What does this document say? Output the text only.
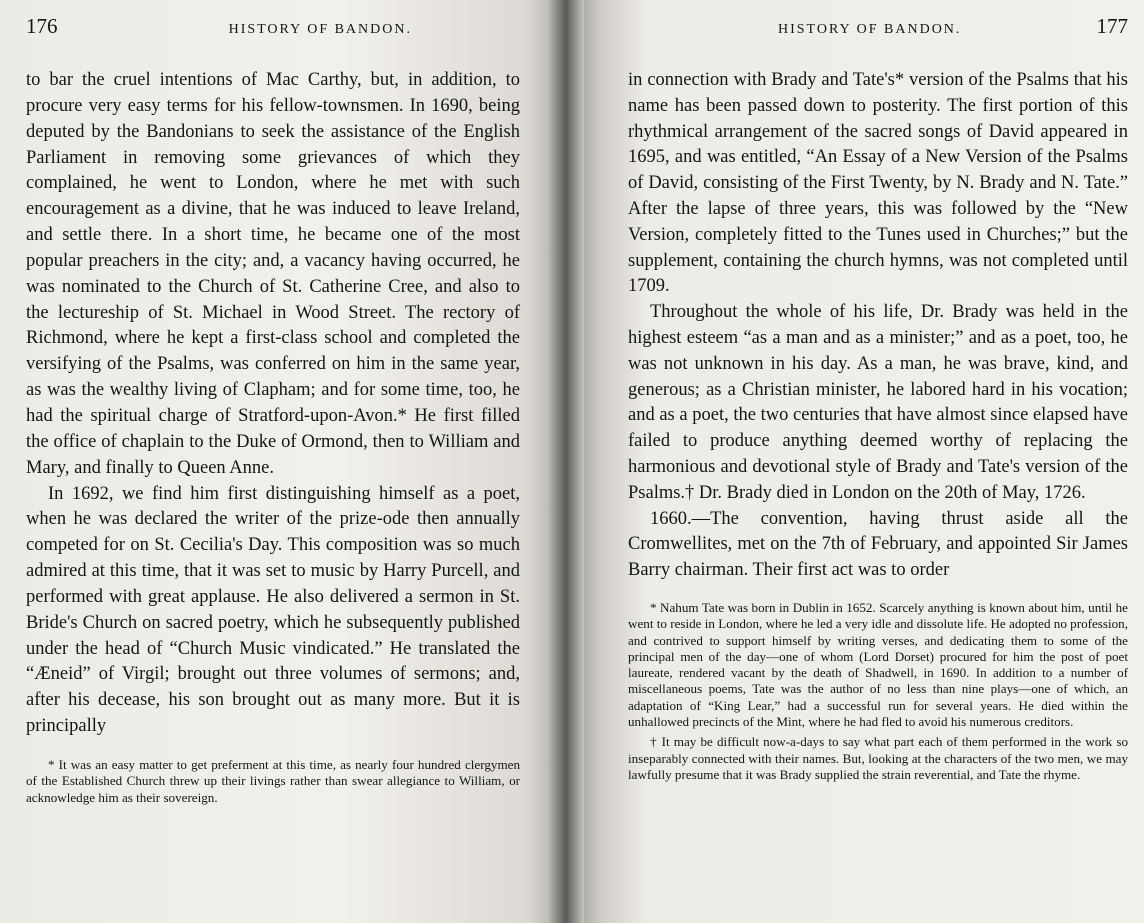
176	HISTORY OF BANDON.

to bar the cruel intentions of Mac Carthy, but, in addition, to procure very easy terms for his fellow-townsmen. In 1690, being deputed by the Bandonians to seek the assistance of the English Parliament in removing some grievances of which they complained, he went to London, where he met with such encouragement as a divine, that he was induced to leave Ireland, and settle there. In a short time, he became one of the most popular preachers in the city; and, a vacancy having occurred, he was nominated to the Church of St. Catherine Cree, and also to the lectureship of St. Michael in Wood Street. The rectory of Richmond, where he kept a first-class school and completed the versifying of the Psalms, was conferred on him in the same year, as was the wealthy living of Clapham; and for some time, too, he had the spiritual charge of Stratford-upon-Avon.* He first filled the office of chaplain to the Duke of Ormond, then to William and Mary, and finally to Queen Anne.

In 1692, we find him first distinguishing himself as a poet, when he was declared the writer of the prize-ode then annually competed for on St. Cecilia's Day. This composition was so much admired at this time, that it was set to music by Harry Purcell, and performed with great applause. He also delivered a sermon in St. Bride's Church on sacred poetry, which he subsequently published under the head of “Church Music vindicated.” He translated the “Æneid” of Virgil; brought out three volumes of sermons; and, after his decease, his son brought out as many more. But it is principally

* It was an easy matter to get preferment at this time, as nearly four hundred clergymen of the Established Church threw up their livings rather than swear allegiance to William, or acknowledge him as their sovereign.

HISTORY OF BANDON.	177

in connection with Brady and Tate's* version of the Psalms that his name has been passed down to posterity. The first portion of this rhythmical arrangement of the sacred songs of David appeared in 1695, and was entitled, “An Essay of a New Version of the Psalms of David, consisting of the First Twenty, by N. Brady and N. Tate.” After the lapse of three years, this was followed by the “New Version, completely fitted to the Tunes used in Churches;” but the supplement, containing the church hymns, was not completed until 1709.

Throughout the whole of his life, Dr. Brady was held in the highest esteem “as a man and as a minister;” and as a poet, too, he was not unknown in his day. As a man, he was brave, kind, and generous; as a Christian minister, he labored hard in his vocation; and as a poet, the two centuries that have almost since elapsed have failed to produce anything deemed worthy of replacing the harmonious and devotional style of Brady and Tate's version of the Psalms.† Dr. Brady died in London on the 20th of May, 1726.

1660.—The convention, having thrust aside all the Cromwellites, met on the 7th of February, and appointed Sir James Barry chairman. Their first act was to order

* Nahum Tate was born in Dublin in 1652. Scarcely anything is known about him, until he went to reside in London, where he led a very idle and dissolute life. He adopted no profession, and contrived to support himself by writing verses, and dedicating them to some of the principal men of the day—one of whom (Lord Dorset) procured for him the post of poet laureate, rendered vacant by the death of Shadwell, in 1690. In addition to a number of miscellaneous poems, Tate was the author of no less than nine plays—one of which, an adaptation of “King Lear,” had a successful run for several years. He died within the unhallowed precincts of the Mint, where he had fled to avoid his numerous creditors.

† It may be difficult now-a-days to say what part each of them performed in the work so inseparably connected with their names. But, looking at the characters of the two men, we may lawfully presume that it was Brady supplied the strain reverential, and Tate the rhyme.
